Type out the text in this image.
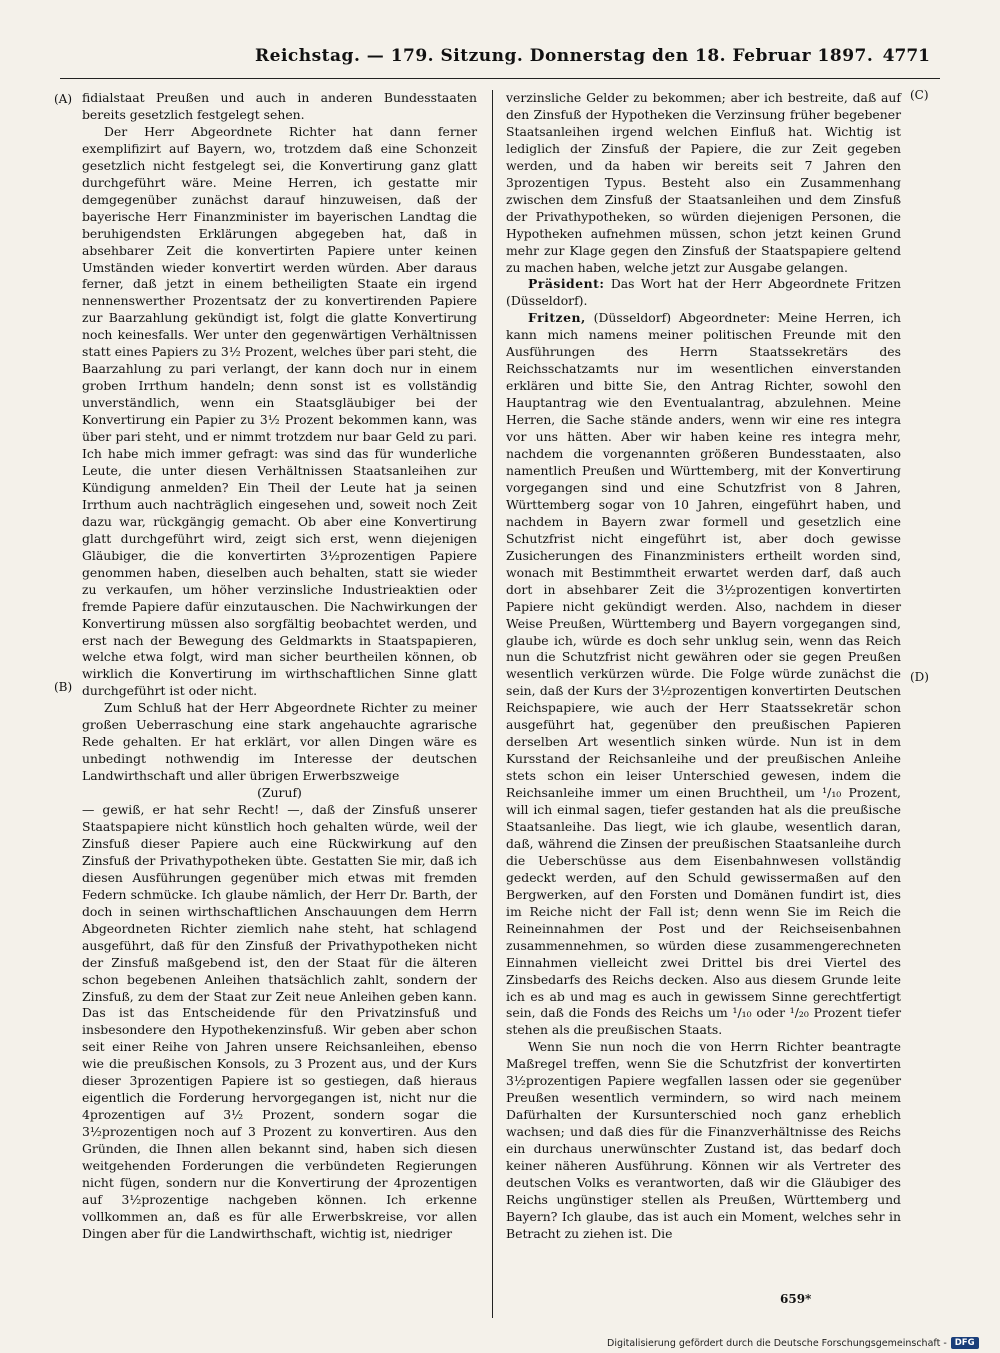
Reichstag. — 179. Sitzung. Donnerstag den 18. Februar 1897. 4771
(A)
(B)
(C)
(D)

fidialstaat Preußen und auch in anderen Bundesstaaten bereits gesetzlich festgelegt sehen.

Der Herr Abgeordnete Richter hat dann ferner exemplifizirt auf Bayern, wo, trotzdem daß eine Schonzeit gesetzlich nicht festgelegt sei, die Konvertirung ganz glatt durchgeführt wäre. Meine Herren, ich gestatte mir demgegenüber zunächst darauf hinzuweisen, daß der bayerische Herr Finanzminister im bayerischen Landtag die beruhigendsten Erklärungen abgegeben hat, daß in absehbarer Zeit die konvertirten Papiere unter keinen Umständen wieder konvertirt werden würden. Aber daraus ferner, daß jetzt in einem betheiligten Staate ein irgend nennenswerther Prozentsatz der zu konvertirenden Papiere zur Baarzahlung gekündigt ist, folgt die glatte Konvertirung noch keinesfalls. Wer unter den gegenwärtigen Verhältnissen statt eines Papiers zu 3½ Prozent, welches über pari steht, die Baarzahlung zu pari verlangt, der kann doch nur in einem groben Irrthum handeln; denn sonst ist es vollständig unverständlich, wenn ein Staatsgläubiger bei der Konvertirung ein Papier zu 3½ Prozent bekommen kann, was über pari steht, und er nimmt trotzdem nur baar Geld zu pari. Ich habe mich immer gefragt: was sind das für wunderliche Leute, die unter diesen Verhältnissen Staatsanleihen zur Kündigung anmelden? Ein Theil der Leute hat ja seinen Irrthum auch nachträglich eingesehen und, soweit noch Zeit dazu war, rückgängig gemacht. Ob aber eine Konvertirung glatt durchgeführt wird, zeigt sich erst, wenn diejenigen Gläubiger, die die konvertirten 3½prozentigen Papiere genommen haben, dieselben auch behalten, statt sie wieder zu verkaufen, um höher verzinsliche Industrieaktien oder fremde Papiere dafür einzutauschen. Die Nachwirkungen der Konvertirung müssen also sorgfältig beobachtet werden, und erst nach der Bewegung des Geldmarkts in Staatspapieren, welche etwa folgt, wird man sicher beurtheilen können, ob wirklich die Konvertirung im wirthschaftlichen Sinne glatt durchgeführt ist oder nicht.

Zum Schluß hat der Herr Abgeordnete Richter zu meiner großen Ueberraschung eine stark angehauchte agrarische Rede gehalten. Er hat erklärt, vor allen Dingen wäre es unbedingt nothwendig im Interesse der deutschen Landwirthschaft und aller übrigen Erwerbszweige

(Zuruf)

— gewiß, er hat sehr Recht! —, daß der Zinsfuß unserer Staatspapiere nicht künstlich hoch gehalten würde, weil der Zinsfuß dieser Papiere auch eine Rückwirkung auf den Zinsfuß der Privathypotheken übte. Gestatten Sie mir, daß ich diesen Ausführungen gegenüber mich etwas mit fremden Federn schmücke. Ich glaube nämlich, der Herr Dr. Barth, der doch in seinen wirthschaftlichen Anschauungen dem Herrn Abgeordneten Richter ziemlich nahe steht, hat schlagend ausgeführt, daß für den Zinsfuß der Privathypotheken nicht der Zinsfuß maßgebend ist, den der Staat für die älteren schon begebenen Anleihen thatsächlich zahlt, sondern der Zinsfuß, zu dem der Staat zur Zeit neue Anleihen geben kann. Das ist das Entscheidende für den Privatzinsfuß und insbesondere den Hypothekenzinsfuß. Wir geben aber schon seit einer Reihe von Jahren unsere Reichsanleihen, ebenso wie die preußischen Konsols, zu 3 Prozent aus, und der Kurs dieser 3prozentigen Papiere ist so gestiegen, daß hieraus eigentlich die Forderung hervorgegangen ist, nicht nur die 4prozentigen auf 3½ Prozent, sondern sogar die 3½prozentigen noch auf 3 Prozent zu konvertiren. Aus den Gründen, die Ihnen allen bekannt sind, haben sich diesen weitgehenden Forderungen die verbündeten Regierungen nicht fügen, sondern nur die Konvertirung der 4prozentigen auf 3½prozentige nachgeben können. Ich erkenne vollkommen an, daß es für alle Erwerbskreise, vor allen Dingen aber für die Landwirthschaft, wichtig ist, niedriger

verzinsliche Gelder zu bekommen; aber ich bestreite, daß auf den Zinsfuß der Hypotheken die Verzinsung früher begebener Staatsanleihen irgend welchen Einfluß hat. Wichtig ist lediglich der Zinsfuß der Papiere, die zur Zeit gegeben werden, und da haben wir bereits seit 7 Jahren den 3prozentigen Typus. Besteht also ein Zusammenhang zwischen dem Zinsfuß der Staatsanleihen und dem Zinsfuß der Privathypotheken, so würden diejenigen Personen, die Hypotheken aufnehmen müssen, schon jetzt keinen Grund mehr zur Klage gegen den Zinsfuß der Staatspapiere geltend zu machen haben, welche jetzt zur Ausgabe gelangen.

Präsident: Das Wort hat der Herr Abgeordnete Fritzen (Düsseldorf).

Fritzen, (Düsseldorf) Abgeordneter: Meine Herren, ich kann mich namens meiner politischen Freunde mit den Ausführungen des Herrn Staatssekretärs des Reichsschatzamts nur im wesentlichen einverstanden erklären und bitte Sie, den Antrag Richter, sowohl den Hauptantrag wie den Eventualantrag, abzulehnen. Meine Herren, die Sache stände anders, wenn wir eine res integra vor uns hätten. Aber wir haben keine res integra mehr, nachdem die vorgenannten größeren Bundesstaaten, also namentlich Preußen und Württemberg, mit der Konvertirung vorgegangen sind und eine Schutzfrist von 8 Jahren, Württemberg sogar von 10 Jahren, eingeführt haben, und nachdem in Bayern zwar formell und gesetzlich eine Schutzfrist nicht eingeführt ist, aber doch gewisse Zusicherungen des Finanzministers ertheilt worden sind, wonach mit Bestimmtheit erwartet werden darf, daß auch dort in absehbarer Zeit die 3½prozentigen konvertirten Papiere nicht gekündigt werden. Also, nachdem in dieser Weise Preußen, Württemberg und Bayern vorgegangen sind, glaube ich, würde es doch sehr unklug sein, wenn das Reich nun die Schutzfrist nicht gewähren oder sie gegen Preußen wesentlich verkürzen würde. Die Folge würde zunächst die sein, daß der Kurs der 3½prozentigen konvertirten Deutschen Reichspapiere, wie auch der Herr Staatssekretär schon ausgeführt hat, gegenüber den preußischen Papieren derselben Art wesentlich sinken würde. Nun ist in dem Kursstand der Reichsanleihe und der preußischen Anleihe stets schon ein leiser Unterschied gewesen, indem die Reichsanleihe immer um einen Bruchtheil, um ¹/₁₀ Prozent, will ich einmal sagen, tiefer gestanden hat als die preußische Staatsanleihe. Das liegt, wie ich glaube, wesentlich daran, daß, während die Zinsen der preußischen Staatsanleihe durch die Ueberschüsse aus dem Eisenbahnwesen vollständig gedeckt werden, auf den Schuld gewissermaßen auf den Bergwerken, auf den Forsten und Domänen fundirt ist, dies im Reiche nicht der Fall ist; denn wenn Sie im Reich die Reineinnahmen der Post und der Reichseisenbahnen zusammennehmen, so würden diese zusammengerechneten Einnahmen vielleicht zwei Drittel bis drei Viertel des Zinsbedarfs des Reichs decken. Also aus diesem Grunde leite ich es ab und mag es auch in gewissem Sinne gerechtfertigt sein, daß die Fonds des Reichs um ¹/₁₀ oder ¹/₂₀ Prozent tiefer stehen als die preußischen Staats.

Wenn Sie nun noch die von Herrn Richter beantragte Maßregel treffen, wenn Sie die Schutzfrist der konvertirten 3½prozentigen Papiere wegfallen lassen oder sie gegenüber Preußen wesentlich vermindern, so wird nach meinem Dafürhalten der Kursunterschied noch ganz erheblich wachsen; und daß dies für die Finanzverhältnisse des Reichs ein durchaus unerwünschter Zustand ist, das bedarf doch keiner näheren Ausführung. Können wir als Vertreter des deutschen Volks es verantworten, daß wir die Gläubiger des Reichs ungünstiger stellen als Preußen, Württemberg und Bayern? Ich glaube, das ist auch ein Moment, welches sehr in Betracht zu ziehen ist. Die

659*
Digitalisierung gefördert durch die Deutsche Forschungsgemeinschaft - DFG
